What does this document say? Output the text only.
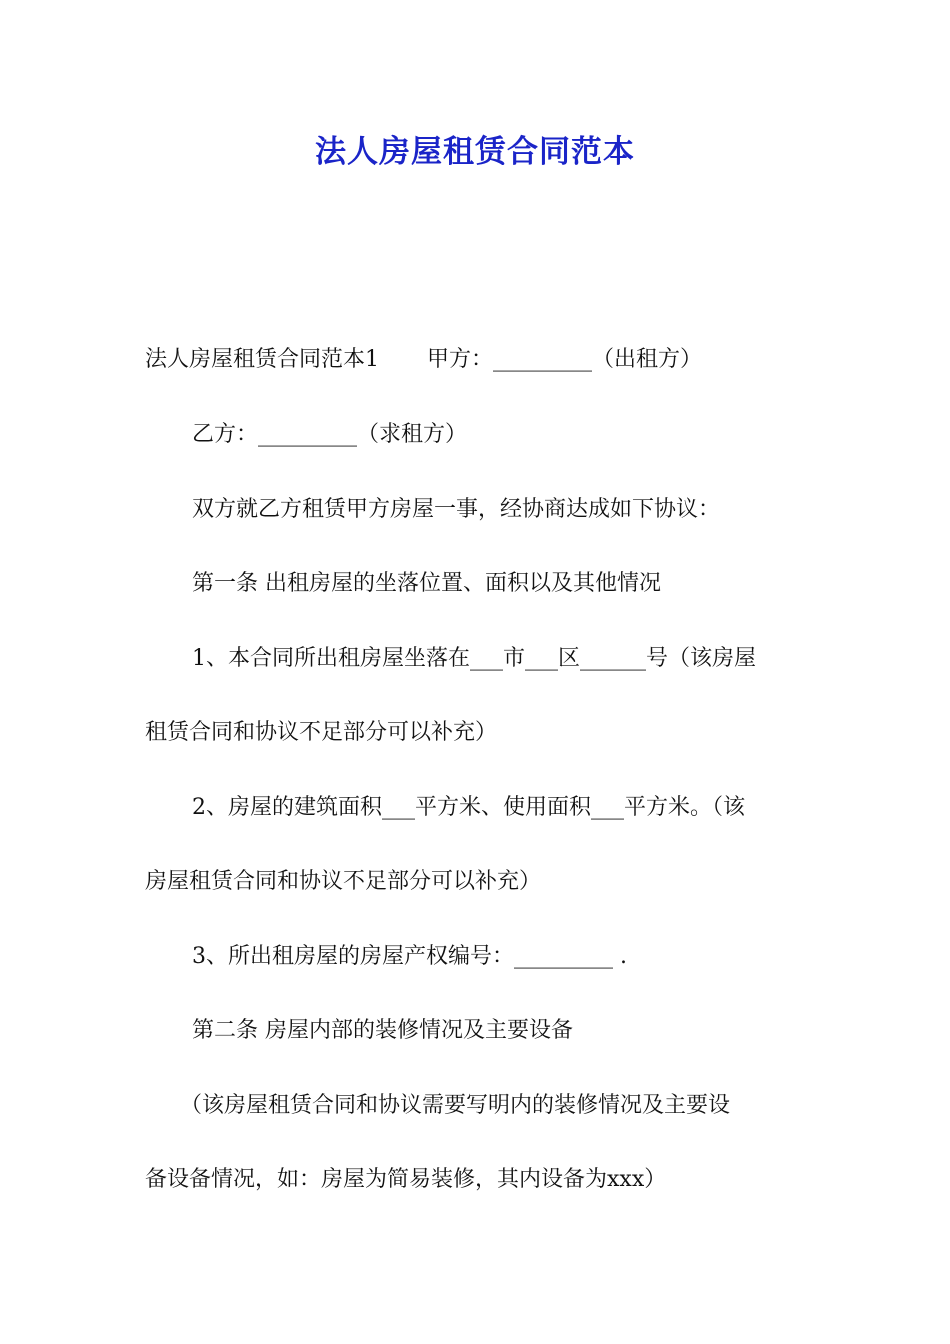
法人房屋租赁合同范本
法人房屋租赁合同范本1 甲方：_________（出租方）
乙方：_________（求租方）
双方就乙方租赁甲方房屋一事，经协商达成如下协议：
第一条 出租房屋的坐落位置、面积以及其他情况
1、本合同所出租房屋坐落在___市___区______号（该房屋
租赁合同和协议不足部分可以补充）
2、房屋的建筑面积___平方米、使用面积___平方米。（该
房屋租赁合同和协议不足部分可以补充）
3、所出租房屋的房屋产权编号：_________ .
第二条 房屋内部的装修情况及主要设备
（该房屋租赁合同和协议需要写明内的装修情况及主要设
备设备情况，如：房屋为简易装修，其内设备为xxx）
